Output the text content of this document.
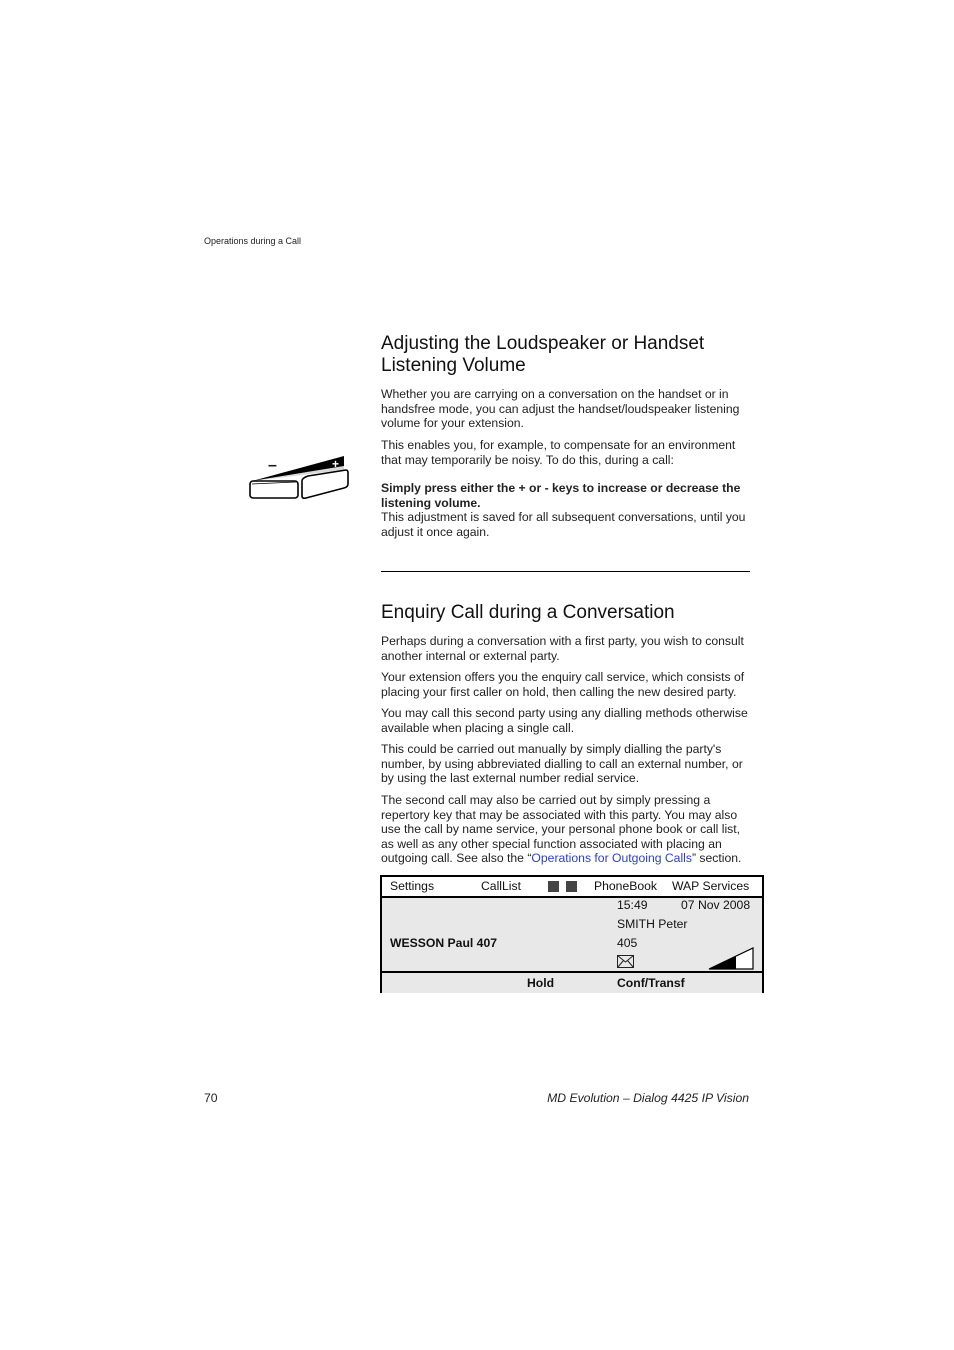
Operations during a Call
Adjusting the Loudspeaker or Handset Listening Volume

Whether you are carrying on a conversation on the handset or in handsfree mode, you can adjust the handset/loudspeaker listening volume for your extension.

This enables you, for example, to compensate for an environment that may temporarily be noisy. To do this, during a call:

Simply press either the + or - keys to increase or decrease the listening volume.

This adjustment is saved for all subsequent conversations, until you adjust it once again.

–	+
Enquiry Call during a Conversation

Perhaps during a conversation with a first party, you wish to consult another internal or external party.

Your extension offers you the enquiry call service, which consists of placing your first caller on hold, then calling the new desired party.

You may call this second party using any dialling methods otherwise available when placing a single call.

This could be carried out manually by simply dialling the party's number, by using abbreviated dialling to call an external number, or by using the last external number redial service.

The second call may also be carried out by simply pressing a repertory key that may be associated with this party. You may also use the call by name service, your personal phone book or call list, as well as any other special function associated with placing an outgoing call. See also the “Operations for Outgoing Calls” section.

Settings	CallList	PhoneBook WAP Services
15:49	07 Nov 2008
SMITH Peter
WESSON Paul 407	405
Hold	Conf/Transf
70	MD Evolution – Dialog 4425 IP Vision
